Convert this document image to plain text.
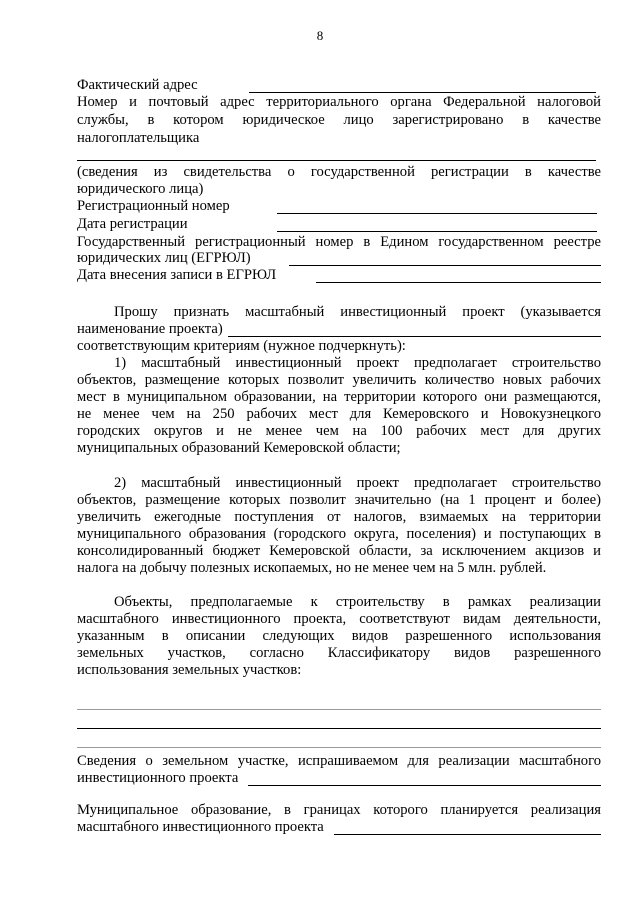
8
Фактический адрес
Номер и почтовый адрес территориального органа Федеральной налоговой
службы, в котором юридическое лицо зарегистрировано в качестве
налогоплательщика
(сведения из свидетельства о государственной регистрации в качестве
юридического лица)
Регистрационный номер
Дата регистрации
Государственный регистрационный номер в Едином государственном реестре
юридических лиц (ЕГРЮЛ)
Дата внесения записи в ЕГРЮЛ
Прошу признать масштабный инвестиционный проект (указывается
наименование проекта)
соответствующим критериям (нужное подчеркнуть):
1) масштабный инвестиционный проект предполагает строительство
объектов, размещение которых позволит увеличить количество новых рабочих
мест в муниципальном образовании, на территории которого они размещаются,
не менее чем на 250 рабочих мест для Кемеровского и Новокузнецкого
городских округов и не менее чем на 100 рабочих мест для других
муниципальных образований Кемеровской области;
2) масштабный инвестиционный проект предполагает строительство
объектов, размещение которых позволит значительно (на 1 процент и более)
увеличить ежегодные поступления от налогов, взимаемых на территории
муниципального образования (городского округа, поселения) и поступающих в
консолидированный бюджет Кемеровской области, за исключением акцизов и
налога на добычу полезных ископаемых, но не менее чем на 5 млн. рублей.
Объекты, предполагаемые к строительству в рамках реализации
масштабного инвестиционного проекта, соответствуют видам деятельности,
указанным в описании следующих видов разрешенного использования
земельных участков, согласно Классификатору видов разрешенного
использования земельных участков:
Сведения о земельном участке, испрашиваемом для реализации масштабного
инвестиционного проекта
Муниципальное образование, в границах которого планируется реализация
масштабного инвестиционного проекта
